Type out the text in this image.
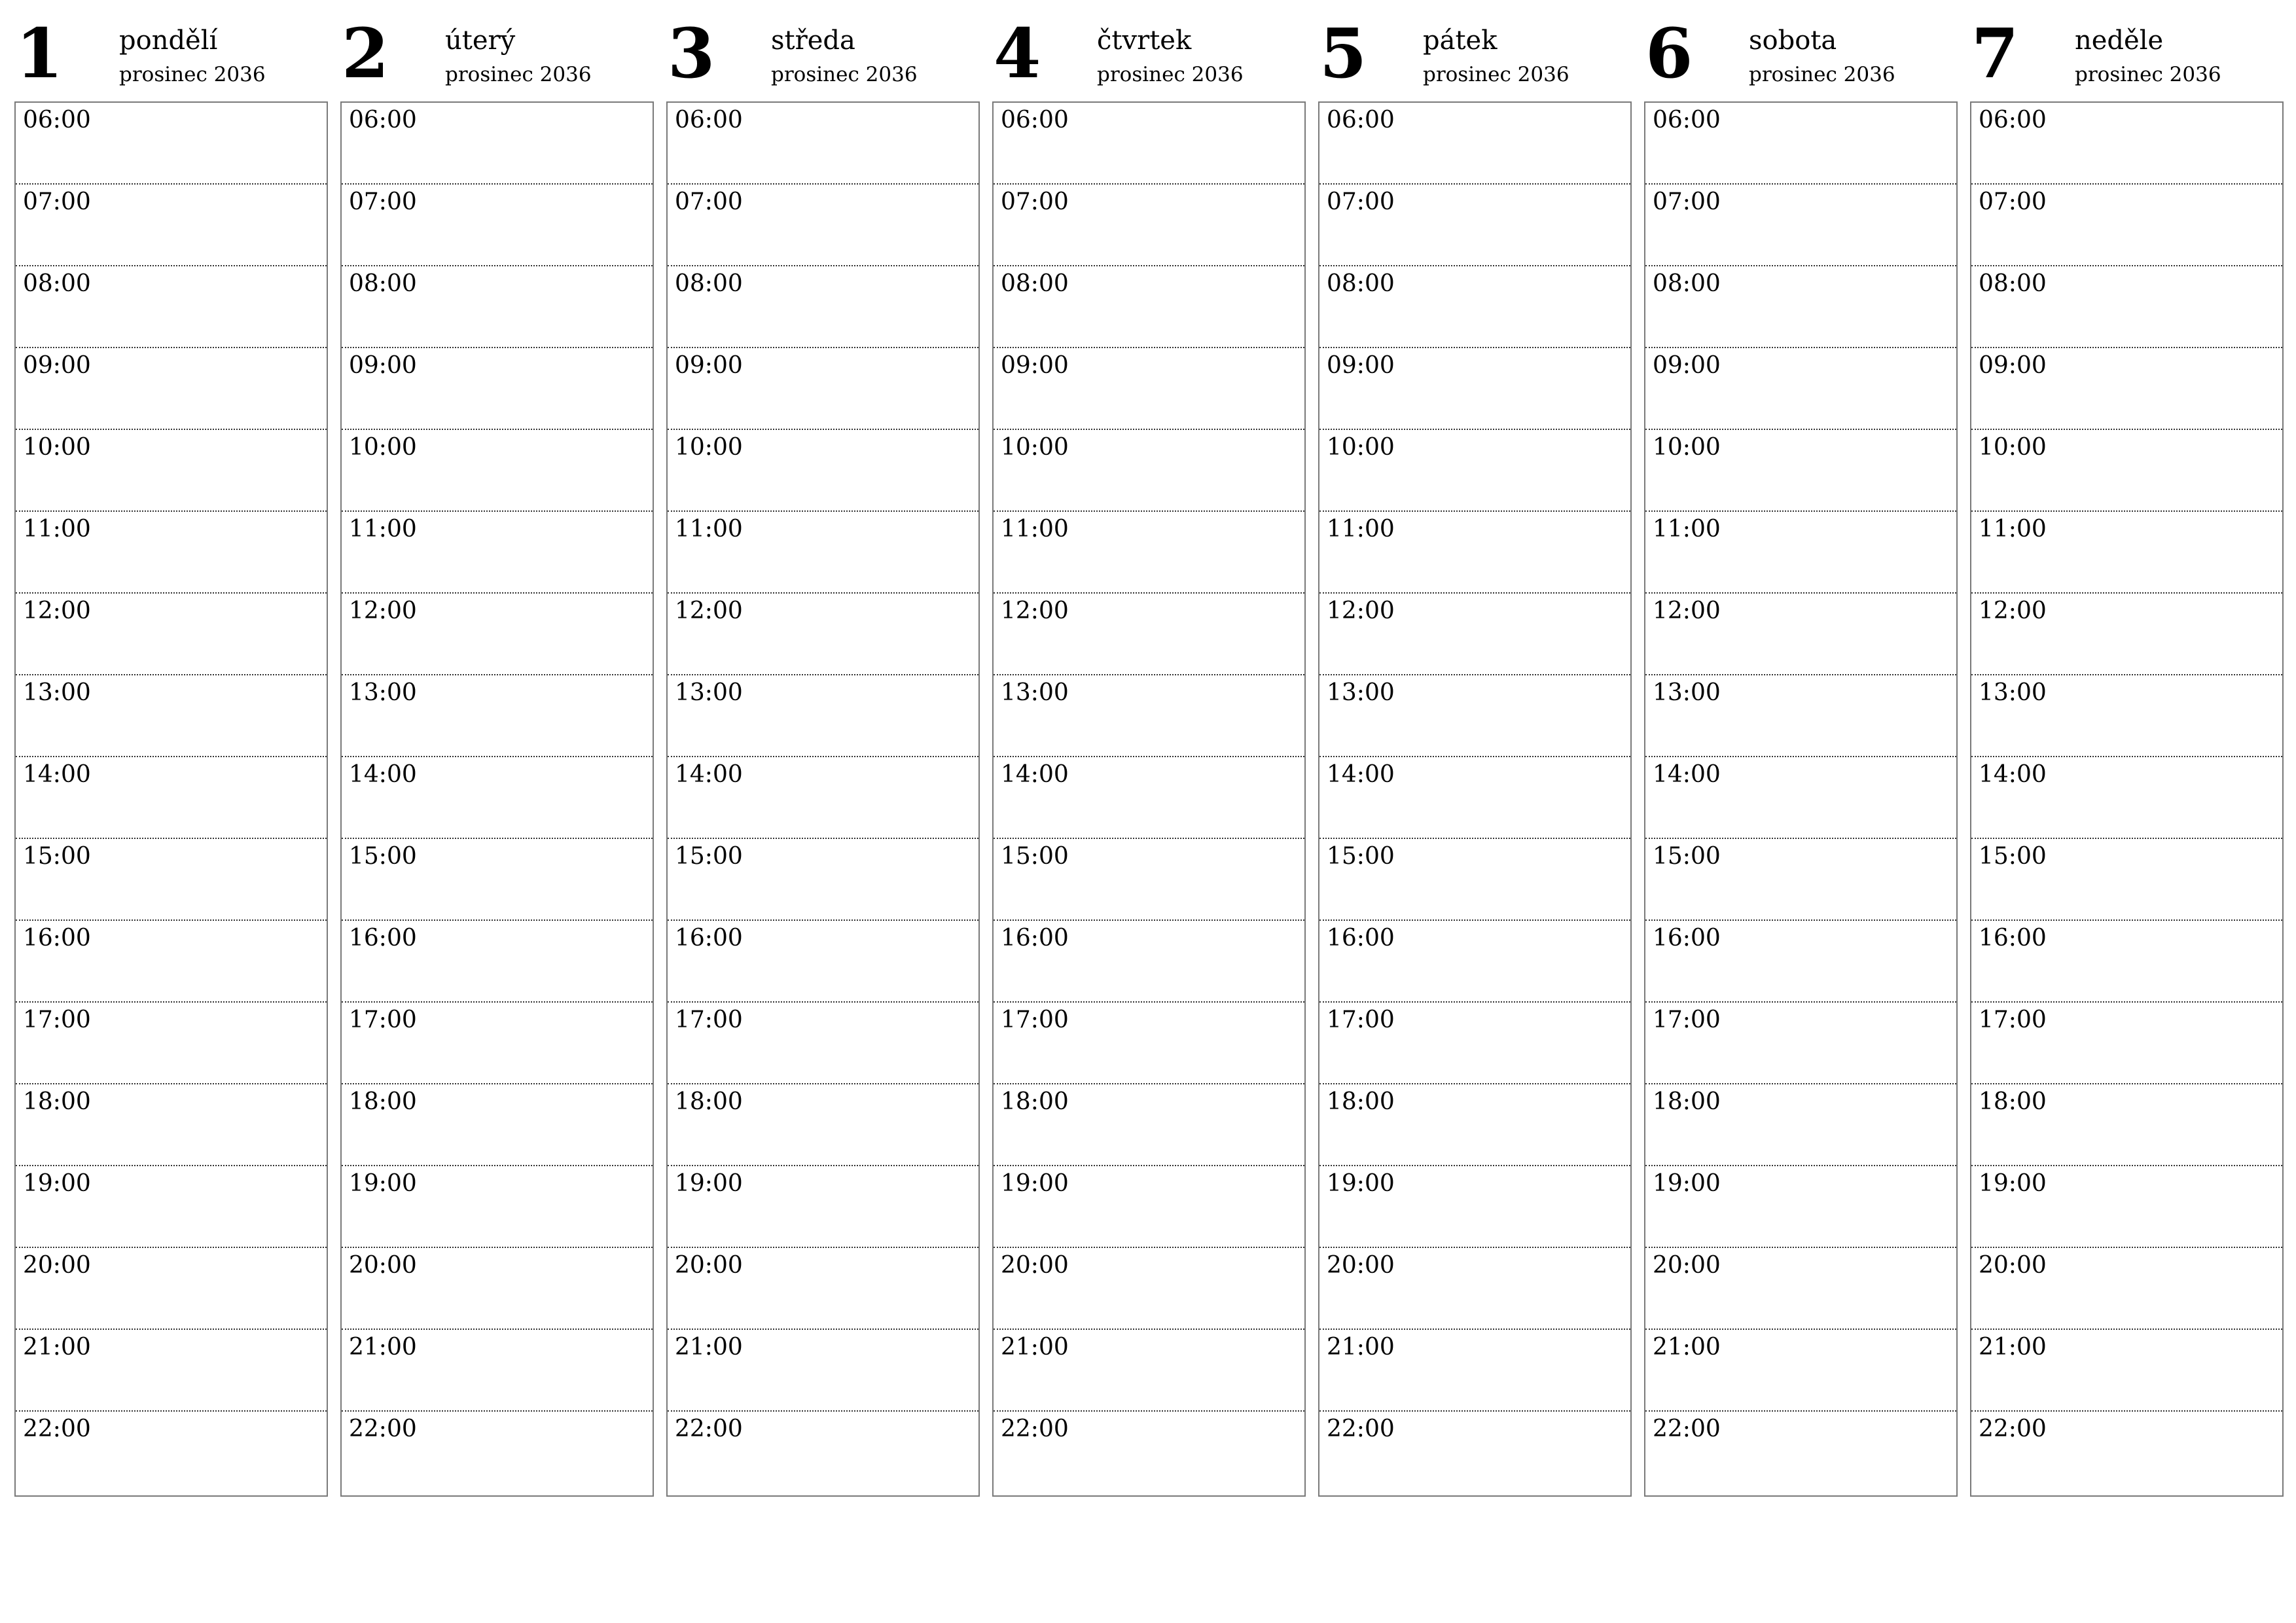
1 pondělí
prosinec 2036
06:00
07:00
08:00
09:00
10:00
11:00
12:00
13:00
14:00
15:00
16:00
17:00
18:00
19:00
20:00
21:00
22:00
2 úterý
prosinec 2036
06:00
07:00
08:00
09:00
10:00
11:00
12:00
13:00
14:00
15:00
16:00
17:00
18:00
19:00
20:00
21:00
22:00
3 středa
prosinec 2036
06:00
07:00
08:00
09:00
10:00
11:00
12:00
13:00
14:00
15:00
16:00
17:00
18:00
19:00
20:00
21:00
22:00
4 čtvrtek
prosinec 2036
06:00
07:00
08:00
09:00
10:00
11:00
12:00
13:00
14:00
15:00
16:00
17:00
18:00
19:00
20:00
21:00
22:00
5 pátek
prosinec 2036
06:00
07:00
08:00
09:00
10:00
11:00
12:00
13:00
14:00
15:00
16:00
17:00
18:00
19:00
20:00
21:00
22:00
6 sobota
prosinec 2036
06:00
07:00
08:00
09:00
10:00
11:00
12:00
13:00
14:00
15:00
16:00
17:00
18:00
19:00
20:00
21:00
22:00
7 neděle
prosinec 2036
06:00
07:00
08:00
09:00
10:00
11:00
12:00
13:00
14:00
15:00
16:00
17:00
18:00
19:00
20:00
21:00
22:00
